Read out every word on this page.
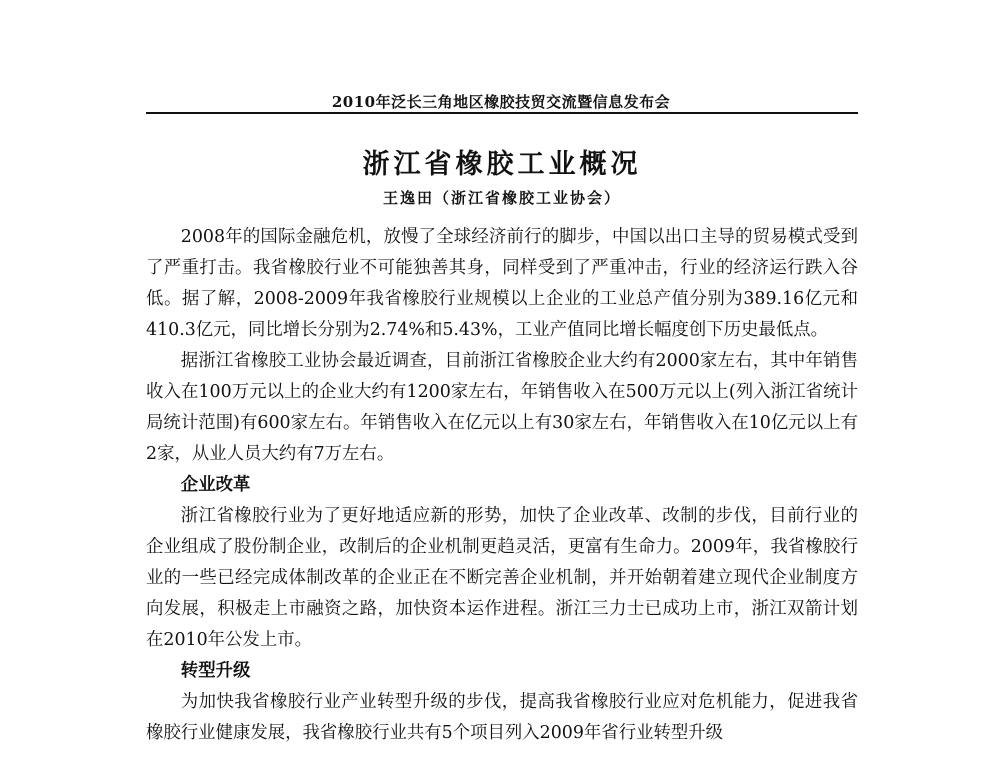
2010年泛长三角地区橡胶技贸交流暨信息发布会
浙江省橡胶工业概况
王逸田（浙江省橡胶工业协会）

2008年的国际金融危机，放慢了全球经济前行的脚步，中国以出口主导的贸易模式受到了严重打击。我省橡胶行业不可能独善其身，同样受到了严重冲击，行业的经济运行跌入谷低。据了解，2008-2009年我省橡胶行业规模以上企业的工业总产值分别为389.16亿元和410.3亿元，同比增长分别为2.74%和5.43%，工业产值同比增长幅度创下历史最低点。

据浙江省橡胶工业协会最近调查，目前浙江省橡胶企业大约有2000家左右，其中年销售收入在100万元以上的企业大约有1200家左右，年销售收入在500万元以上(列入浙江省统计局统计范围)有600家左右。年销售收入在亿元以上有30家左右，年销售收入在10亿元以上有2家，从业人员大约有7万左右。

企业改革

浙江省橡胶行业为了更好地适应新的形势，加快了企业改革、改制的步伐，目前行业的企业组成了股份制企业，改制后的企业机制更趋灵活，更富有生命力。2009年，我省橡胶行业的一些已经完成体制改革的企业正在不断完善企业机制，并开始朝着建立现代企业制度方向发展，积极走上市融资之路，加快资本运作进程。浙江三力士已成功上市，浙江双箭计划在2010年公发上市。

转型升级

为加快我省橡胶行业产业转型升级的步伐，提高我省橡胶行业应对危机能力，促进我省橡胶行业健康发展，我省橡胶行业共有5个项目列入2009年省行业转型升级
